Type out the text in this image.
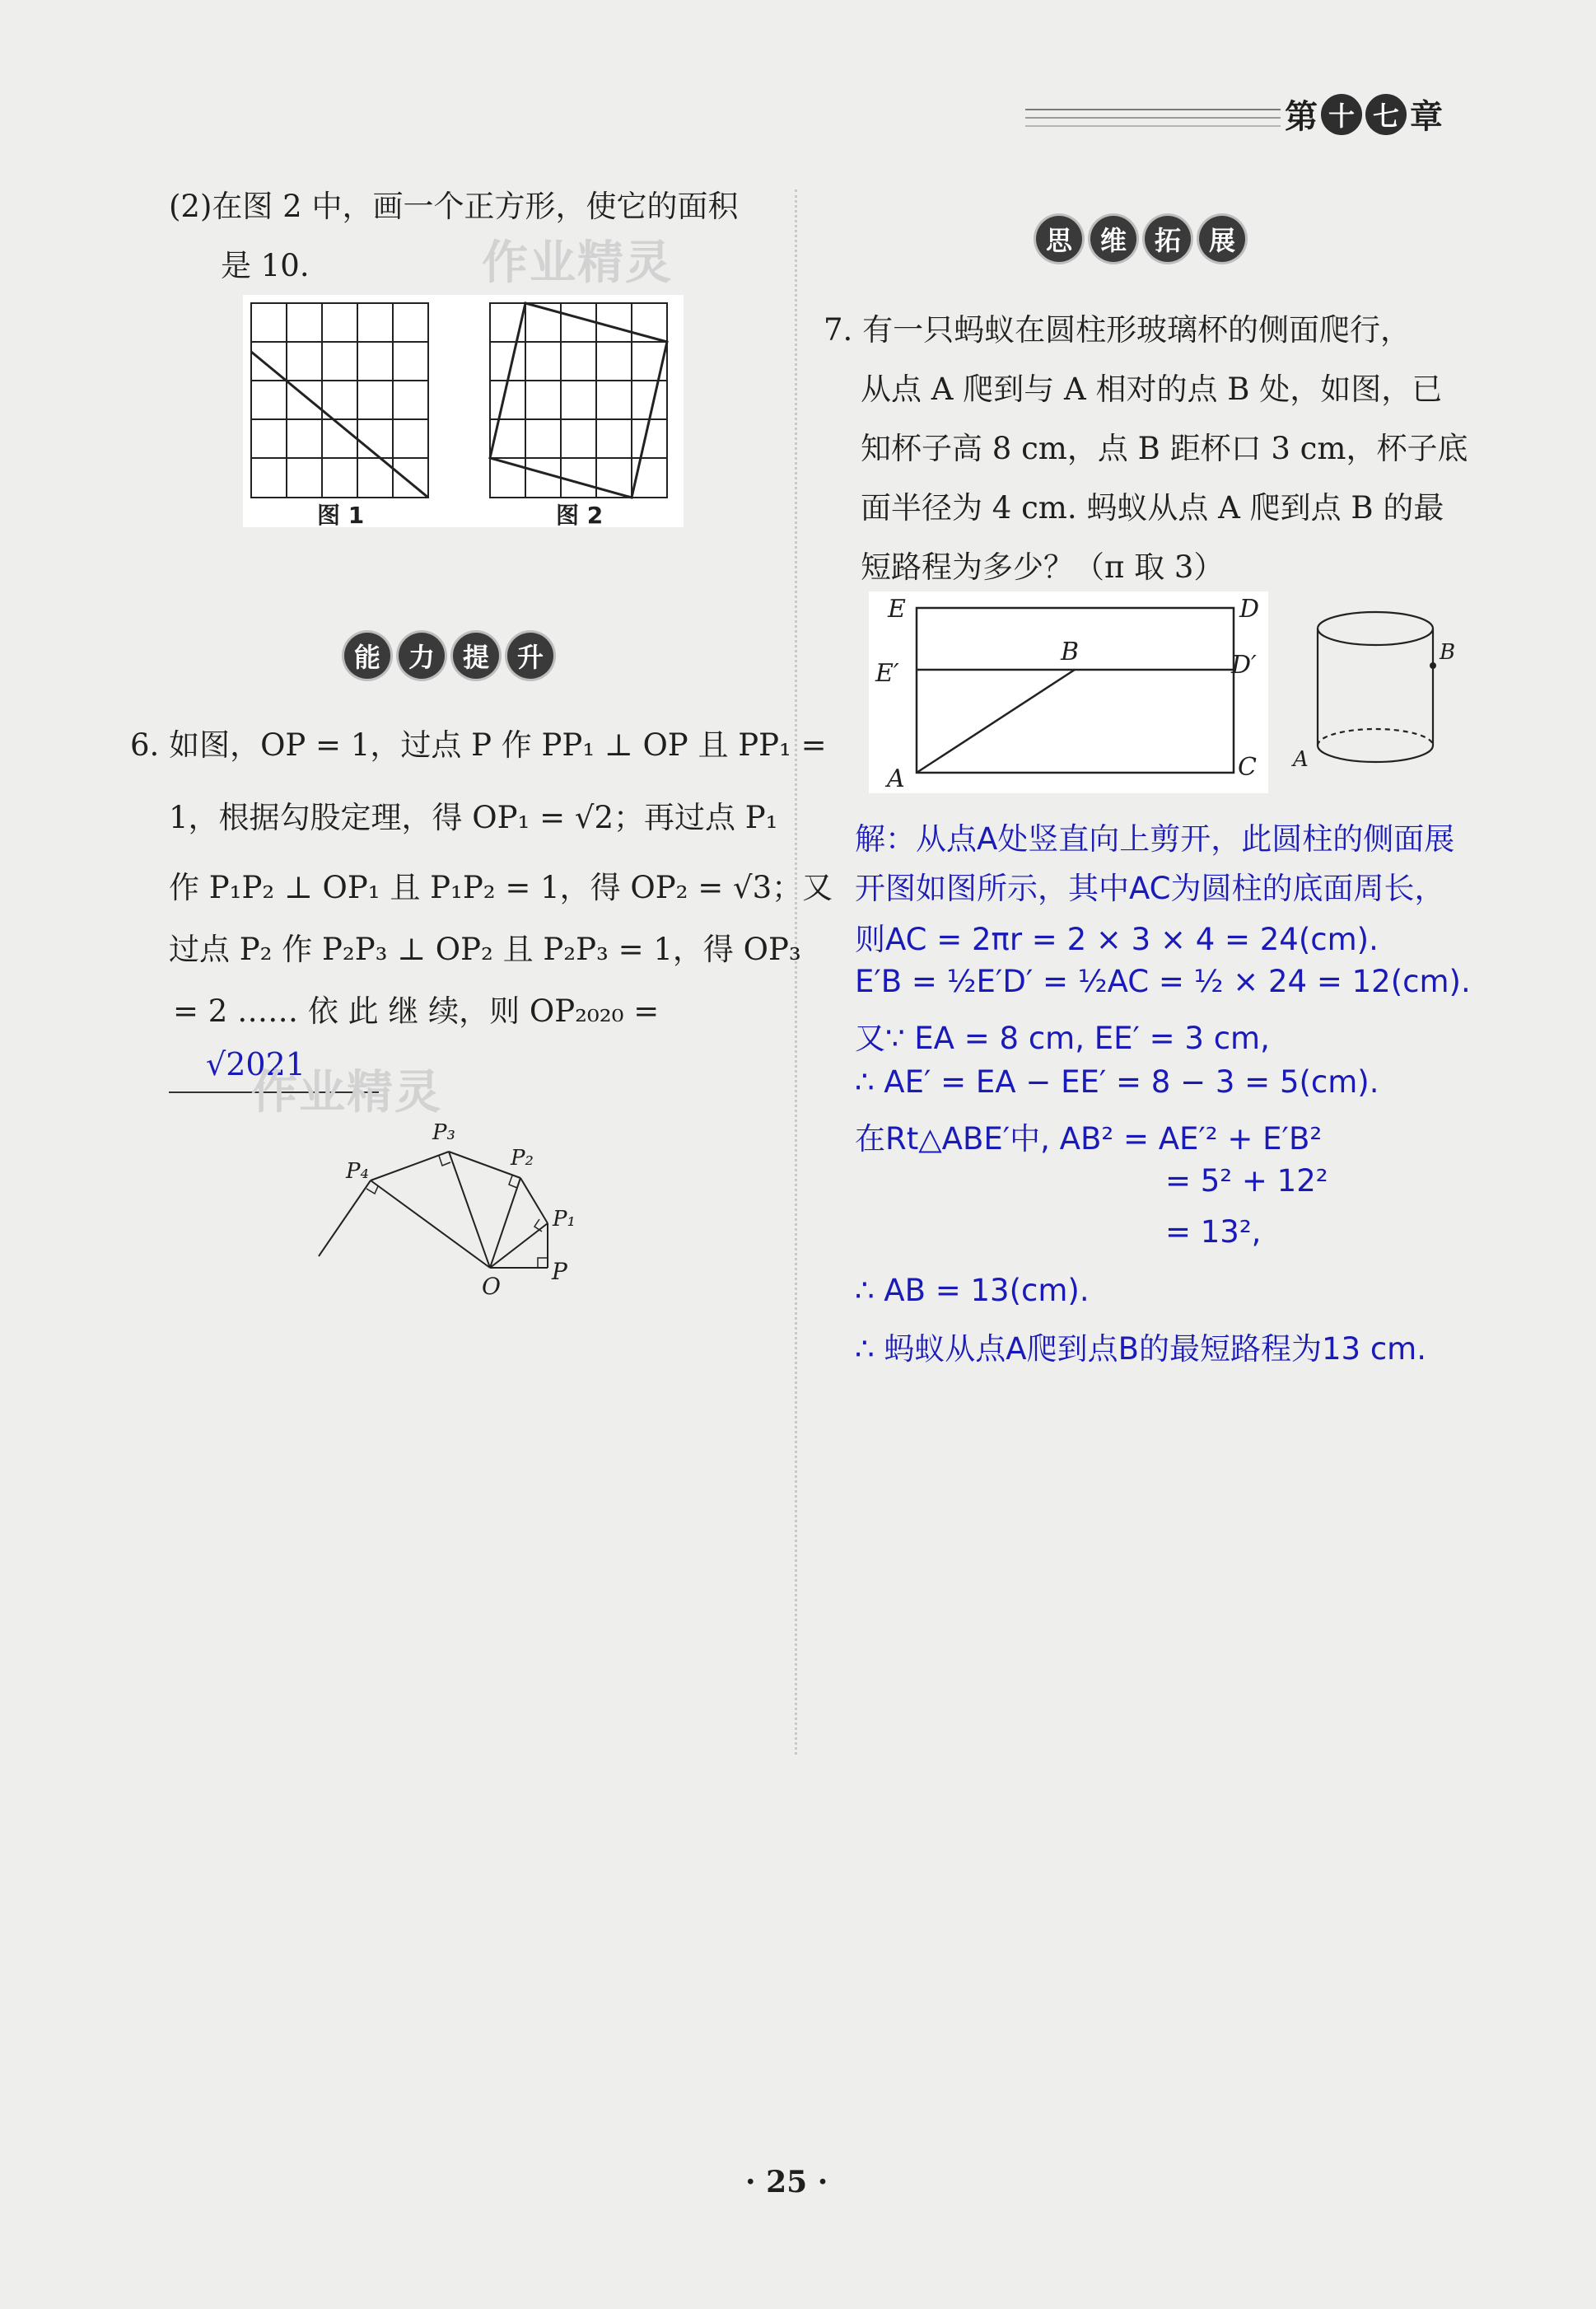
第 十 七 章
(2)在图 2 中，画一个正方形，使它的面积
是 10.	作业精灵
图 1	图 2
能	力	提	升
6. 如图，OP = 1，过点 P 作 PP₁ ⊥ OP 且 PP₁ =
1，根据勾股定理，得 OP₁ = √2；再过点 P₁
作 P₁P₂ ⊥ OP₁ 且 P₁P₂ = 1，得 OP₂ = √3；又
过点 P₂ 作 P₂P₃ ⊥ OP₂ 且 P₂P₃ = 1，得 OP₃
= 2 …… 依 此 继 续，则 OP₂₀₂₀ =
√2021
作业精灵
P
P₁
P₂
P₃
P₄
O
思	维	拓	展
7. 有一只蚂蚁在圆柱形玻璃杯的侧面爬行，
从点 A 爬到与 A 相对的点 B 处，如图，已
知杯子高 8 cm，点 B 距杯口 3 cm，杯子底
面半径为 4 cm. 蚂蚁从点 A 爬到点 B 的最
短路程为多少？（π 取 3）
E	D
E′	D′
B
A	C
B
A
解：从点A处竖直向上剪开，此圆柱的侧面展
开图如图所示，其中AC为圆柱的底面周长，
则AC = 2πr = 2 × 3 × 4 = 24(cm).
E′B = ½E′D′ = ½AC = ½ × 24 = 12(cm).
又∵ EA = 8 cm, EE′ = 3 cm,
∴ AE′ = EA − EE′ = 8 − 3 = 5(cm).
在Rt△ABE′中, AB² = AE′² + E′B²
= 5² + 12²
= 13²,
∴ AB = 13(cm).
∴ 蚂蚁从点A爬到点B的最短路程为13 cm.
· 25 ·
